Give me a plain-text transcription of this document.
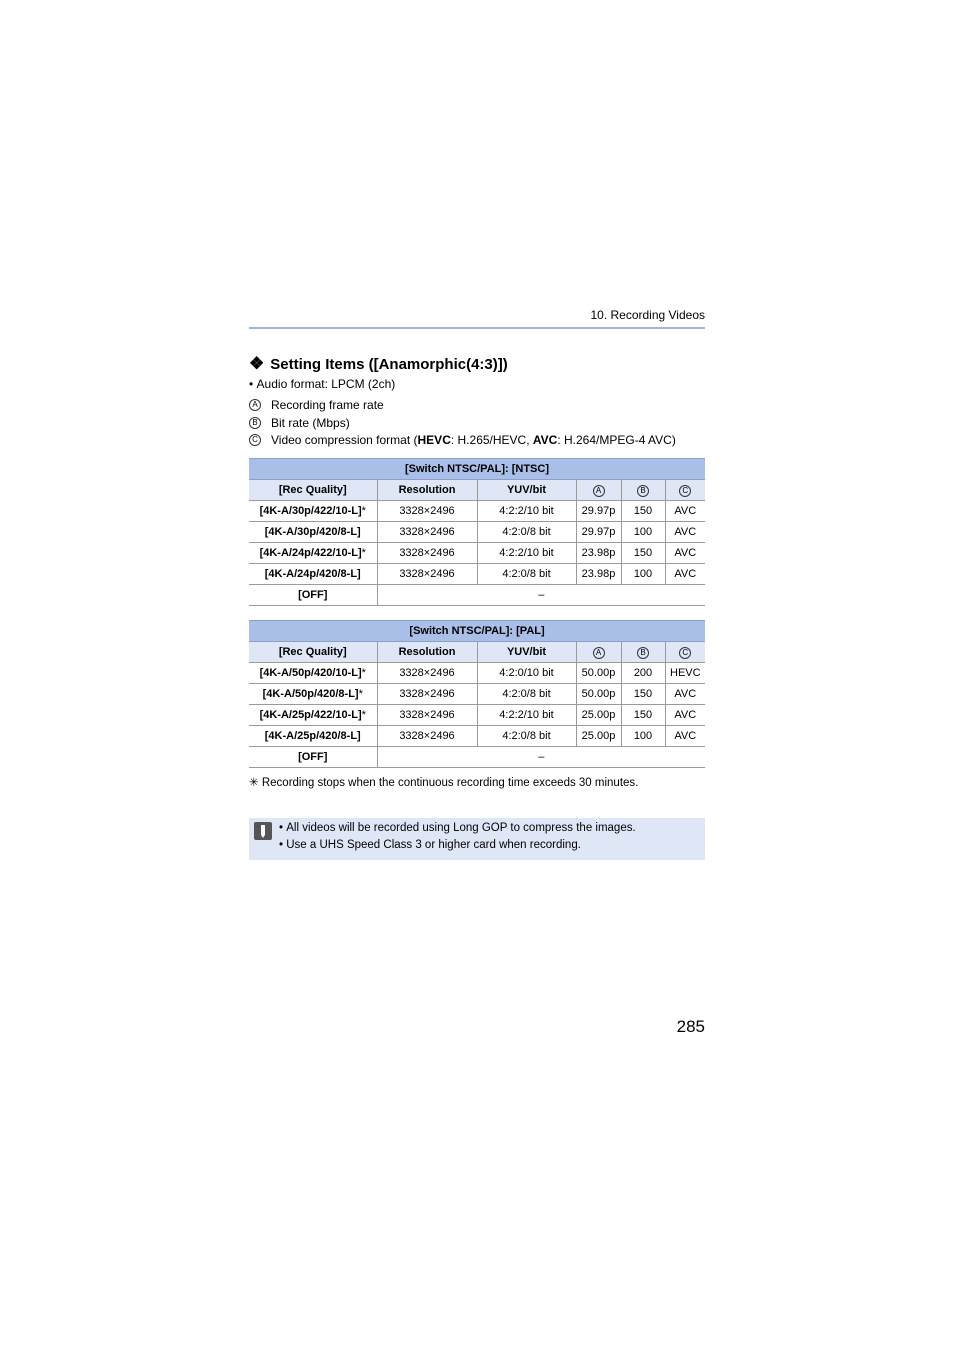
10. Recording Videos
❖ Setting Items ([Anamorphic(4:3)])
• Audio format: LPCM (2ch)
A Recording frame rate
B Bit rate (Mbps)
C Video compression format (HEVC: H.265/HEVC, AVC: H.264/MPEG-4 AVC)
[Switch NTSC/PAL]: [NTSC]					
[Rec Quality]	Resolution	YUV/bit	A	B	C
[4K-A/30p/422/10-L]*	3328×2496	4:2:2/10 bit	29.97p	150	AVC
[4K-A/30p/420/8-L]	3328×2496	4:2:0/8 bit	29.97p	100	AVC
[4K-A/24p/422/10-L]*	3328×2496	4:2:2/10 bit	23.98p	150	AVC
[4K-A/24p/420/8-L]	3328×2496	4:2:0/8 bit	23.98p	100	AVC
[OFF]	–				
[Switch NTSC/PAL]: [PAL]					
[Rec Quality]	Resolution	YUV/bit	A	B	C
[4K-A/50p/420/10-L]*	3328×2496	4:2:0/10 bit	50.00p	200	HEVC
[4K-A/50p/420/8-L]*	3328×2496	4:2:0/8 bit	50.00p	150	AVC
[4K-A/25p/422/10-L]*	3328×2496	4:2:2/10 bit	25.00p	150	AVC
[4K-A/25p/420/8-L]	3328×2496	4:2:0/8 bit	25.00p	100	AVC
[OFF]	–				
✳ Recording stops when the continuous recording time exceeds 30 minutes.
• All videos will be recorded using Long GOP to compress the images.
• Use a UHS Speed Class 3 or higher card when recording.
285
